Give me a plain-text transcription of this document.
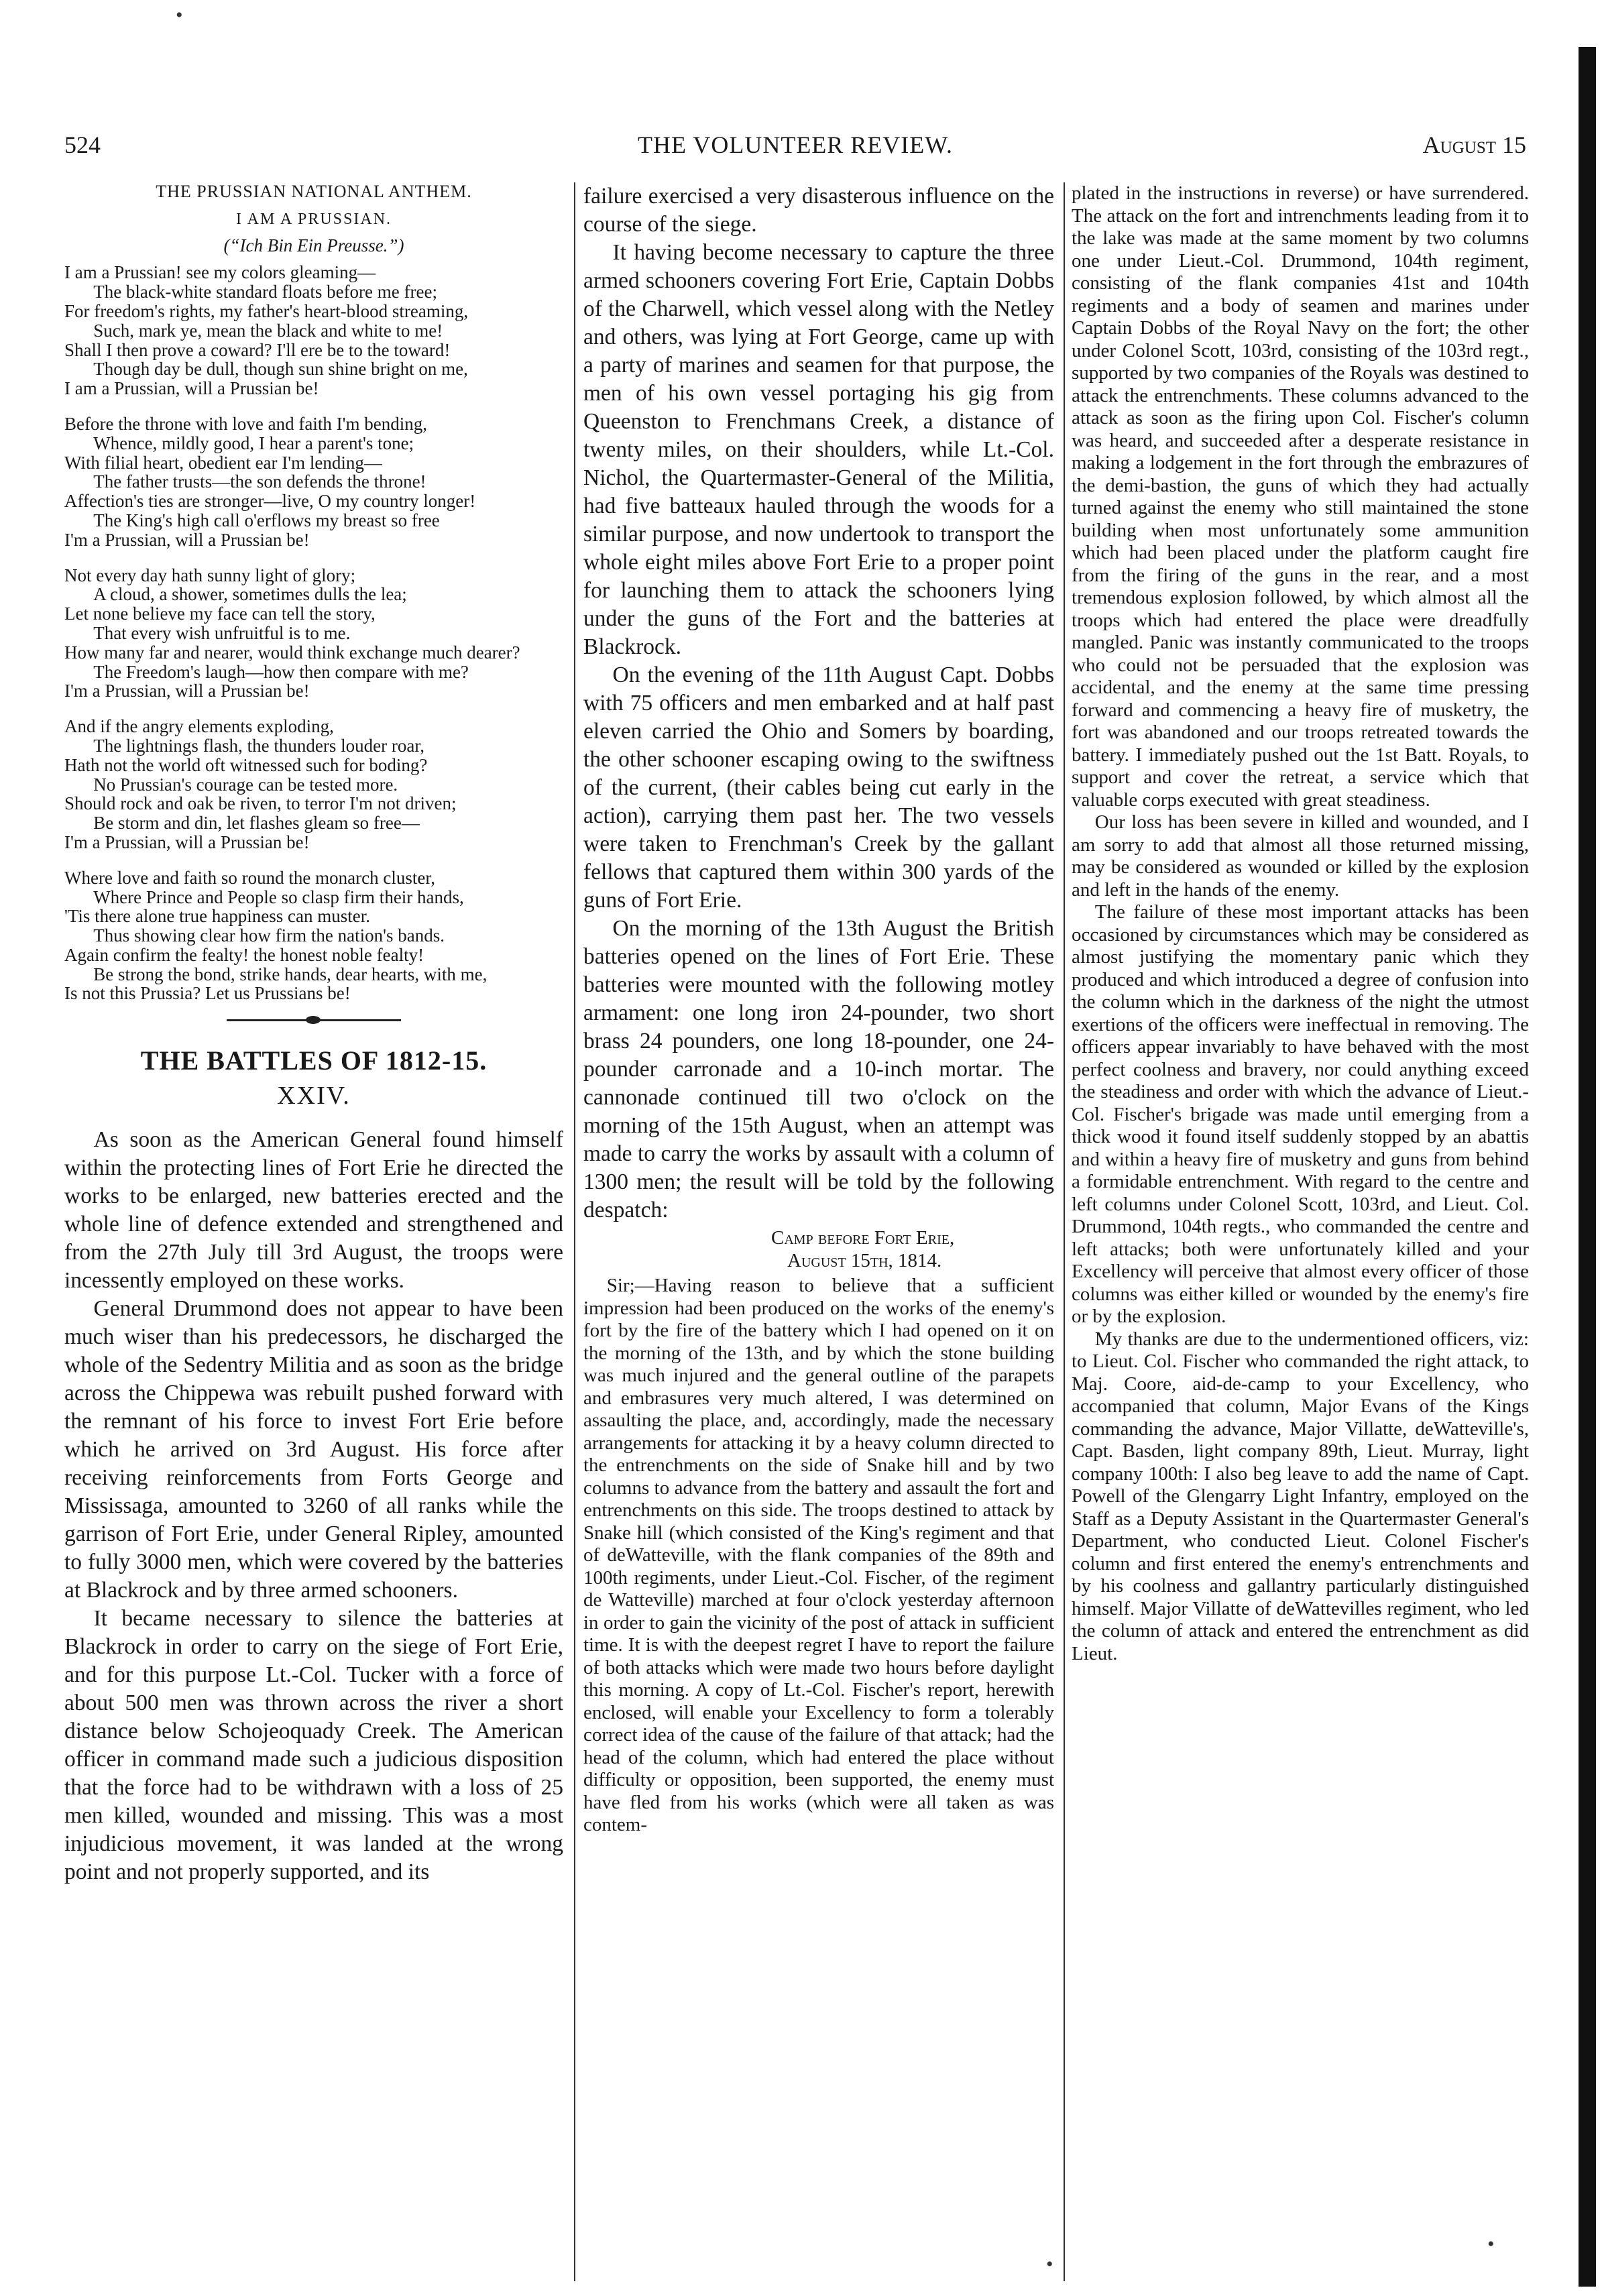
•
•
•
524	THE VOLUNTEER REVIEW.	August 15
THE PRUSSIAN NATIONAL ANTHEM.
I AM A PRUSSIAN.
(“Ich Bin Ein Preusse.”)
I am a Prussian! see my colors gleaming—
The black-white standard floats before me free;
For freedom's rights, my father's heart-blood streaming,
Such, mark ye, mean the black and white to me!
Shall I then prove a coward? I'll ere be to the toward!
Though day be dull, though sun shine bright on me,
I am a Prussian, will a Prussian be!
Before the throne with love and faith I'm bending,
Whence, mildly good, I hear a parent's tone;
With filial heart, obedient ear I'm lending—
The father trusts—the son defends the throne!
Affection's ties are stronger—live, O my country longer!
The King's high call o'erflows my breast so free
I'm a Prussian, will a Prussian be!
Not every day hath sunny light of glory;
A cloud, a shower, sometimes dulls the lea;
Let none believe my face can tell the story,
That every wish unfruitful is to me.
How many far and nearer, would think exchange much dearer?
The Freedom's laugh—how then compare with me?
I'm a Prussian, will a Prussian be!
And if the angry elements exploding,
The lightnings flash, the thunders louder roar,
Hath not the world oft witnessed such for boding?
No Prussian's courage can be tested more.
Should rock and oak be riven, to terror I'm not driven;
Be storm and din, let flashes gleam so free—
I'm a Prussian, will a Prussian be!
Where love and faith so round the monarch cluster,
Where Prince and People so clasp firm their hands,
'Tis there alone true happiness can muster.
Thus showing clear how firm the nation's bands.
Again confirm the fealty! the honest noble fealty!
Be strong the bond, strike hands, dear hearts, with me,
Is not this Prussia? Let us Prussians be!
THE BATTLES OF 1812-15.
XXIV.

As soon as the American General found himself within the protecting lines of Fort Erie he directed the works to be enlarged, new batteries erected and the whole line of defence extended and strengthened and from the 27th July till 3rd August, the troops were incessently employed on these works.

General Drummond does not appear to have been much wiser than his predecessors, he discharged the whole of the Sedentry Militia and as soon as the bridge across the Chippewa was rebuilt pushed forward with the remnant of his force to invest Fort Erie before which he arrived on 3rd August. His force after receiving reinforcements from Forts George and Mississaga, amounted to 3260 of all ranks while the garrison of Fort Erie, under General Ripley, amounted to fully 3000 men, which were covered by the batteries at Blackrock and by three armed schooners.

It became necessary to silence the batteries at Blackrock in order to carry on the siege of Fort Erie, and for this purpose Lt.-Col. Tucker with a force of about 500 men was thrown across the river a short distance below Schojeoquady Creek. The American officer in command made such a judicious disposition that the force had to be withdrawn with a loss of 25 men killed, wounded and missing. This was a most injudicious movement, it was landed at the wrong point and not properly supported, and its

failure exercised a very disasterous influence on the course of the siege.

It having become necessary to capture the three armed schooners covering Fort Erie, Captain Dobbs of the Charwell, which vessel along with the Netley and others, was lying at Fort George, came up with a party of marines and seamen for that purpose, the men of his own vessel portaging his gig from Queenston to Frenchmans Creek, a distance of twenty miles, on their shoulders, while Lt.-Col. Nichol, the Quartermaster-General of the Militia, had five batteaux hauled through the woods for a similar purpose, and now undertook to transport the whole eight miles above Fort Erie to a proper point for launching them to attack the schooners lying under the guns of the Fort and the batteries at Blackrock.

On the evening of the 11th August Capt. Dobbs with 75 officers and men embarked and at half past eleven carried the Ohio and Somers by boarding, the other schooner escaping owing to the swiftness of the current, (their cables being cut early in the action), carrying them past her. The two vessels were taken to Frenchman's Creek by the gallant fellows that captured them within 300 yards of the guns of Fort Erie.

On the morning of the 13th August the British batteries opened on the lines of Fort Erie. These batteries were mounted with the following motley armament: one long iron 24-pounder, two short brass 24 pounders, one long 18-pounder, one 24-pounder carronade and a 10-inch mortar. The cannonade continued till two o'clock on the morning of the 15th August, when an attempt was made to carry the works by assault with a column of 1300 men; the result will be told by the following despatch:

Camp before Fort Erie,
August 15th, 1814.

Sir;—Having reason to believe that a sufficient impression had been produced on the works of the enemy's fort by the fire of the battery which I had opened on it on the morning of the 13th, and by which the stone building was much injured and the general outline of the parapets and embrasures very much altered, I was determined on assaulting the place, and, accordingly, made the necessary arrangements for attacking it by a heavy column directed to the entrenchments on the side of Snake hill and by two columns to advance from the battery and assault the fort and entrenchments on this side. The troops destined to attack by Snake hill (which consisted of the King's regiment and that of deWatteville, with the flank companies of the 89th and 100th regiments, under Lieut.-Col. Fischer, of the regiment de Watteville) marched at four o'clock yesterday afternoon in order to gain the vicinity of the post of attack in sufficient time. It is with the deepest regret I have to report the failure of both attacks which were made two hours before daylight this morning. A copy of Lt.-Col. Fischer's report, herewith enclosed, will enable your Excellency to form a tolerably correct idea of the cause of the failure of that attack; had the head of the column, which had entered the place without difficulty or opposition, been supported, the enemy must have fled from his works (which were all taken as was contem-

plated in the instructions in reverse) or have surrendered. The attack on the fort and intrenchments leading from it to the lake was made at the same moment by two columns one under Lieut.-Col. Drummond, 104th regiment, consisting of the flank companies 41st and 104th regiments and a body of seamen and marines under Captain Dobbs of the Royal Navy on the fort; the other under Colonel Scott, 103rd, consisting of the 103rd regt., supported by two companies of the Royals was destined to attack the entrenchments. These columns advanced to the attack as soon as the firing upon Col. Fischer's column was heard, and succeeded after a desperate resistance in making a lodgement in the fort through the embrazures of the demi-bastion, the guns of which they had actually turned against the enemy who still maintained the stone building when most unfortunately some ammunition which had been placed under the platform caught fire from the firing of the guns in the rear, and a most tremendous explosion followed, by which almost all the troops which had entered the place were dreadfully mangled. Panic was instantly communicated to the troops who could not be persuaded that the explosion was accidental, and the enemy at the same time pressing forward and commencing a heavy fire of musketry, the fort was abandoned and our troops retreated towards the battery. I immediately pushed out the 1st Batt. Royals, to support and cover the retreat, a service which that valuable corps executed with great steadiness.

Our loss has been severe in killed and wounded, and I am sorry to add that almost all those returned missing, may be considered as wounded or killed by the explosion and left in the hands of the enemy.

The failure of these most important attacks has been occasioned by circumstances which may be considered as almost justifying the momentary panic which they produced and which introduced a degree of confusion into the column which in the darkness of the night the utmost exertions of the officers were ineffectual in removing. The officers appear invariably to have behaved with the most perfect coolness and bravery, nor could anything exceed the steadiness and order with which the advance of Lieut.-Col. Fischer's brigade was made until emerging from a thick wood it found itself suddenly stopped by an abattis and within a heavy fire of musketry and guns from behind a formidable entrenchment. With regard to the centre and left columns under Colonel Scott, 103rd, and Lieut. Col. Drummond, 104th regts., who commanded the centre and left attacks; both were unfortunately killed and your Excellency will perceive that almost every officer of those columns was either killed or wounded by the enemy's fire or by the explosion.

My thanks are due to the undermentioned officers, viz: to Lieut. Col. Fischer who commanded the right attack, to Maj. Coore, aid-de-camp to your Excellency, who accompanied that column, Major Evans of the Kings commanding the advance, Major Villatte, deWatteville's, Capt. Basden, light company 89th, Lieut. Murray, light company 100th: I also beg leave to add the name of Capt. Powell of the Glengarry Light Infantry, employed on the Staff as a Deputy Assistant in the Quartermaster General's Department, who conducted Lieut. Colonel Fischer's column and first entered the enemy's entrenchments and by his coolness and gallantry particularly distinguished himself. Major Villatte of deWattevilles regiment, who led the column of attack and entered the entrenchment as did Lieut.
